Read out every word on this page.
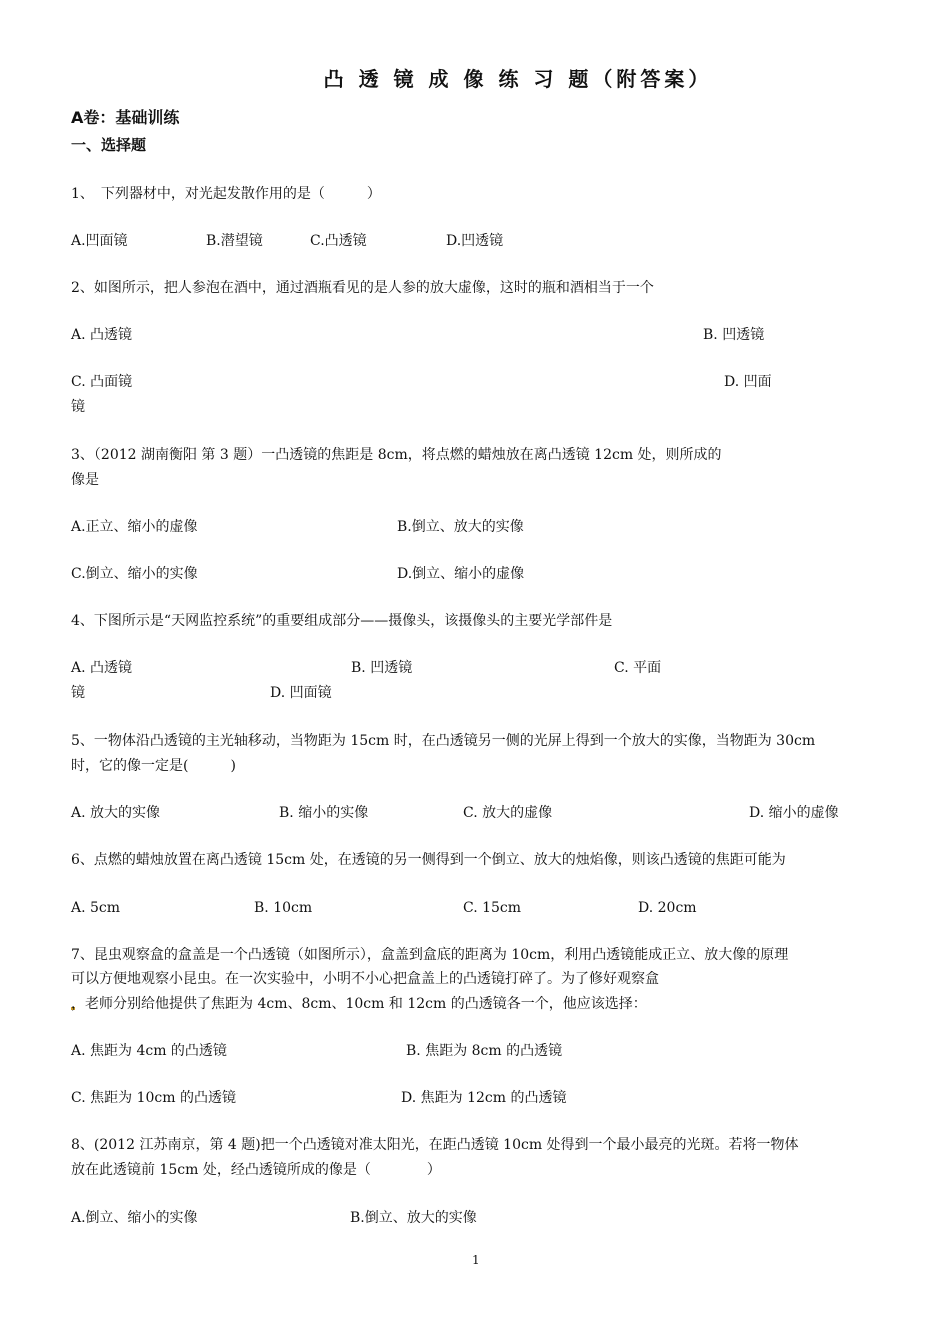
凸 透 镜 成 像 练 习 题（附答案）
A卷：基础训练
一、选择题
1、　下列器材中，对光起发散作用的是（　　　）
A.凹面镜	B.潜望镜	C.凸透镜	D.凹透镜
2、如图所示，把人参泡在酒中，通过酒瓶看见的是人参的放大虚像，这时的瓶和酒相当于一个
A. 凸透镜	B. 凹透镜
C. 凸面镜	D. 凹面
镜
3、（2012 湖南衡阳 第 3 题）一凸透镜的焦距是 8cm，将点燃的蜡烛放在离凸透镜 12cm 处，则所成的
像是
A.正立、缩小的虚像	B.倒立、放大的实像
C.倒立、缩小的实像	D.倒立、缩小的虚像
4、下图所示是“天网监控系统”的重要组成部分——摄像头，该摄像头的主要光学部件是
A. 凸透镜	B. 凹透镜	C. 平面
镜	D. 凹面镜
5、一物体沿凸透镜的主光轴移动，当物距为 15cm 时，在凸透镜另一侧的光屏上得到一个放大的实像，当物距为 30cm
时，它的像一定是(　　　)
A. 放大的实像	B. 缩小的实像	C. 放大的虚像	D. 缩小的虚像
6、点燃的蜡烛放置在离凸透镜 15cm 处，在透镜的另一侧得到一个倒立、放大的烛焰像，则该凸透镜的焦距可能为
A. 5cm	B. 10cm	C. 15cm	D. 20cm
7、昆虫观察盒的盒盖是一个凸透镜（如图所示），盒盖到盒底的距离为 10cm，利用凸透镜能成正立、放大像的原理
可以方便地观察小昆虫。在一次实验中，小明不小心把盒盖上的凸透镜打碎了。为了修好观察盒
，老师分别给他提供了焦距为 4cm、8cm、10cm 和 12cm 的凸透镜各一个，他应该选择：
A. 焦距为 4cm 的凸透镜	B. 焦距为 8cm 的凸透镜
C. 焦距为 10cm 的凸透镜	D. 焦距为 12cm 的凸透镜
8、(2012 江苏南京，第 4 题)把一个凸透镜对准太阳光，在距凸透镜 10cm 处得到一个最小最亮的光斑。若将一物体
放在此透镜前 15cm 处，经凸透镜所成的像是（　　　　）
A.倒立、缩小的实像	B.倒立、放大的实像
1
